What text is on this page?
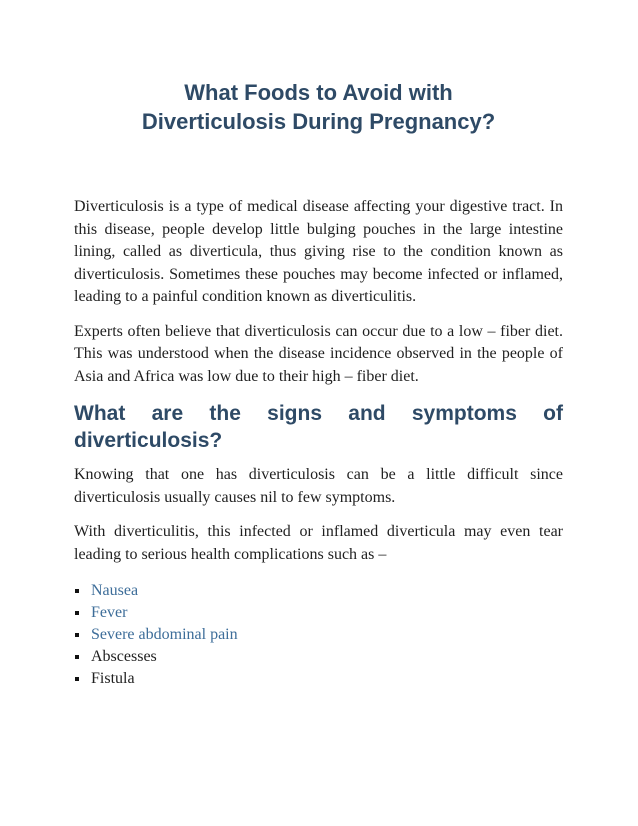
What Foods to Avoid with
Diverticulosis During Pregnancy?

Diverticulosis is a type of medical disease affecting your digestive tract. In this disease, people develop little bulging pouches in the large intestine lining, called as diverticula, thus giving rise to the condition known as diverticulosis. Sometimes these pouches may become infected or inflamed, leading to a painful condition known as diverticulitis.

Experts often believe that diverticulosis can occur due to a low – fiber diet. This was understood when the disease incidence observed in the people of Asia and Africa was low due to their high – fiber diet.

What are the signs and symptoms of diverticulosis?

Knowing that one has diverticulosis can be a little difficult since diverticulosis usually causes nil to few symptoms.

With diverticulitis, this infected or inflamed diverticula may even tear leading to serious health complications such as –

Nausea
Fever
Severe abdominal pain
Abscesses
Fistula
